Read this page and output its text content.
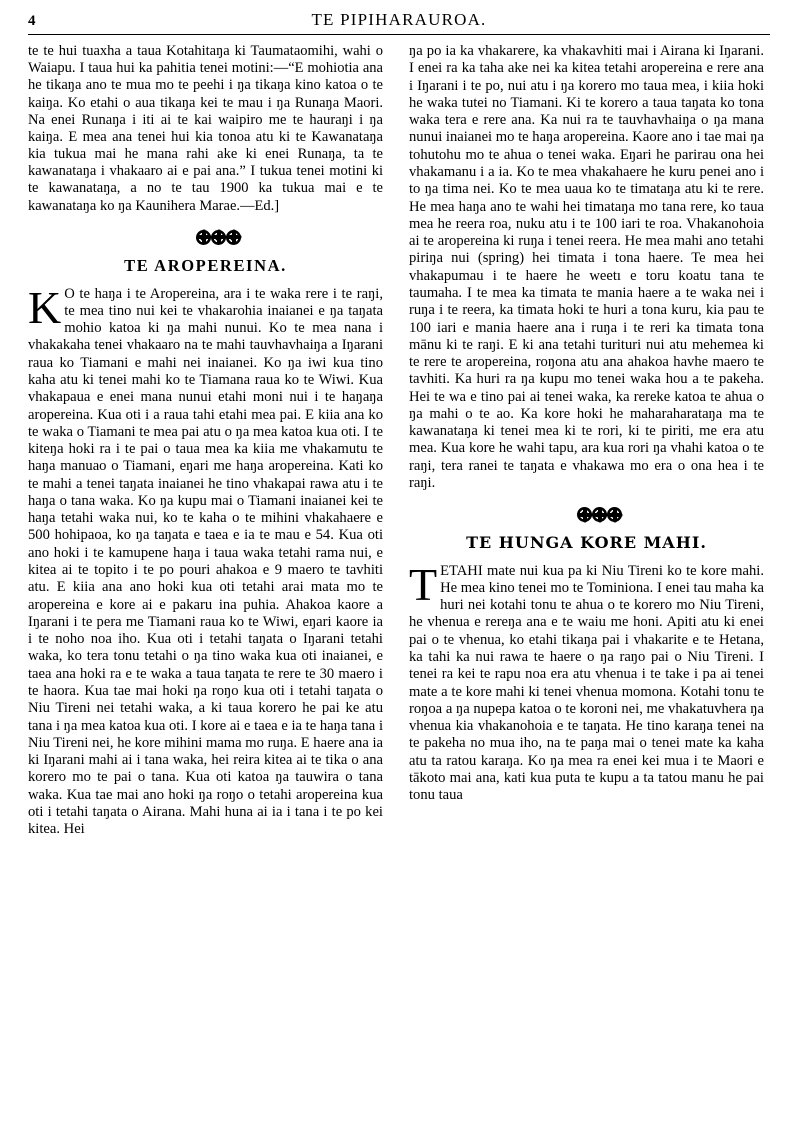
4	TE PIPIHARAUROA.

te te hui tuaxha a taua Kotahitaŋa ki Taumataomihi, wahi o Waiapu. I taua hui ka pahitia tenei motini:—“E mohiotia ana he tikaŋa ano te mua mo te peehi i ŋa tikaŋa kino katoa o te kaiŋa. Ko etahi o aua tikaŋa kei te mau i ŋa Runaŋa Maori. Na enei Runaŋa i iti ai te kai waipiro me te hauraŋi i ŋa kaiŋa. E mea ana tenei hui kia tonoa atu ki te Kawanataŋa kia tukua mai he mana rahi ake ki enei Runaŋa, ta te kawanataŋa i vhakaaro ai e pai ana.” I tukua tenei motini ki te kawanataŋa, a no te tau 1900 ka tukua mai e te kawanataŋa ko ŋa Kaunihera Marae.—Ed.]

TE AROPEREINA.

K O te haŋa i te Aropereina, ara i te waka rere i te raŋi, te mea tino nui kei te vhakarohia inaianei e ŋa taŋata mohio katoa ki ŋa mahi nunui. Ko te mea nana i vhakakaha tenei vhakaaro na te mahi tauvhavhaiŋa a Iŋarani raua ko Tiamani e mahi nei inaianei. Ko ŋa iwi kua tino kaha atu ki tenei mahi ko te Tiamana raua ko te Wiwi. Kua vhakapaua e enei mana nunui etahi moni nui i te haŋaŋa aropereina. Kua oti i a raua tahi etahi mea pai. E kiia ana ko te waka o Tiamani te mea pai atu o ŋa mea katoa kua oti. I te kiteŋa hoki ra i te pai o taua mea ka kiia me vhakamutu te haŋa manuao o Tiamani, eŋari me haŋa aropereina. Kati ko te mahi a tenei taŋata inaianei he tino vhakapai rawa atu i te haŋa o tana waka. Ko ŋa kupu mai o Tiamani inaianei kei te haŋa tetahi waka nui, ko te kaha o te mihini vhakahaere e 500 hohipaoa, ko ŋa taŋata e taea e ia te mau e 54. Kua oti ano hoki i te kamupene haŋa i taua waka tetahi rama nui, e kitea ai te topito i te po pouri ahakoa e 9 maero te tavhiti atu. E kiia ana ano hoki kua oti tetahi arai mata mo te aropereina e kore ai e pakaru ina puhia. Ahakoa kaore a Iŋarani i te pera me Tiamani raua ko te Wiwi, eŋari kaore ia i te noho noa iho. Kua oti i tetahi taŋata o Iŋarani tetahi waka, ko tera tonu tetahi o ŋa tino waka kua oti inaianei, e taea ana hoki ra e te waka a taua taŋata te rere te 30 maero i te haora. Kua tae mai hoki ŋa roŋo kua oti i tetahi taŋata o Niu Tireni nei tetahi waka, a ki taua korero he pai ke atu tana i ŋa mea katoa kua oti. I kore ai e taea e ia te haŋa tana i Niu Tireni nei, he kore mihini mama mo ruŋa. E haere ana ia ki Iŋarani mahi ai i tana waka, hei reira kitea ai te tika o ana korero mo te pai o tana. Kua oti katoa ŋa tauwira o tana waka. Kua tae mai ano hoki ŋa roŋo o tetahi aropereina kua oti i tetahi taŋata o Airana. Mahi huna ai ia i tana i te po kei kitea. Hei

ŋa po ia ka vhakarere, ka vhakavhiti mai i Airana ki Iŋarani. I enei ra ka taha ake nei ka kitea tetahi aropereina e rere ana i Iŋarani i te po, nui atu i ŋa korero mo taua mea, i kiia hoki he waka tutei no Tiamani. Ki te korero a taua taŋata ko tona waka tera e rere ana. Ka nui ra te tauvhavhaiŋa o ŋa mana nunui inaianei mo te haŋa aropereina. Kaore ano i tae mai ŋa tohutohu mo te ahua o tenei waka. Eŋari he parirau ona hei vhakamanu i a ia. Ko te mea vhakahaere he kuru penei ano i to ŋa tima nei. Ko te mea uaua ko te timataŋa atu ki te rere. He mea haŋa ano te wahi hei timataŋa mo tana rere, ko taua mea he reera roa, nuku atu i te 100 iari te roa. Vhakanohoia ai te aropereina ki ruŋa i tenei reera. He mea mahi ano tetahi piriŋa nui (spring) hei timata i tona haere. Te mea hei vhakapumau i te haere he weetı e toru koatu tana te taumaha. I te mea ka timata te mania haere a te waka nei i ruŋa i te reera, ka timata hoki te huri a tona kuru, kia pau te 100 iari e mania haere ana i ruŋa i te reri ka timata tona mānu ki te raŋi. E ki ana tetahi turituri nui atu mehemea ki te rere te aropereina, roŋona atu ana ahakoa havhe maero te tavhiti. Ka huri ra ŋa kupu mo tenei waka hou a te pakeha. Hei te wa e tino pai ai tenei waka, ka rereke katoa te ahua o ŋa mahi o te ao. Ka kore hoki he maharaharataŋa ma te kawanataŋa ki tenei mea ki te rori, ki te piriti, me era atu mea. Kua kore he wahi tapu, ara kua rori ŋa vhahi katoa o te raŋi, tera ranei te taŋata e vhakawa mo era o ona hea i te raŋi.

TE HUNGA KORE MAHI.

TETAHI mate nui kua pa ki Niu Tireni ko te kore mahi. He mea kino tenei mo te Tominiona. I enei tau maha ka huri nei kotahi tonu te ahua o te korero mo Niu Tireni, he vhenua e rereŋa ana e te waiu me honi. Apiti atu ki enei pai o te vhenua, ko etahi tikaŋa pai i vhakarite e te Hetana, ka tahi ka nui rawa te haere o ŋa raŋo pai o Niu Tireni. I tenei ra kei te rapu noa era atu vhenua i te take i pa ai tenei mate a te kore mahi ki tenei vhenua momona. Kotahi tonu te roŋoa a ŋa nupepa katoa o te koroni nei, me vhakatuvhera ŋa vhenua kia vhakanohoia e te taŋata. He tino karaŋa tenei na te pakeha no mua iho, na te paŋa mai o tenei mate ka kaha atu ta ratou karaŋa. Ko ŋa mea ra enei kei mua i te Maori e tākoto mai ana, kati kua puta te kupu a ta tatou manu he pai tonu taua
